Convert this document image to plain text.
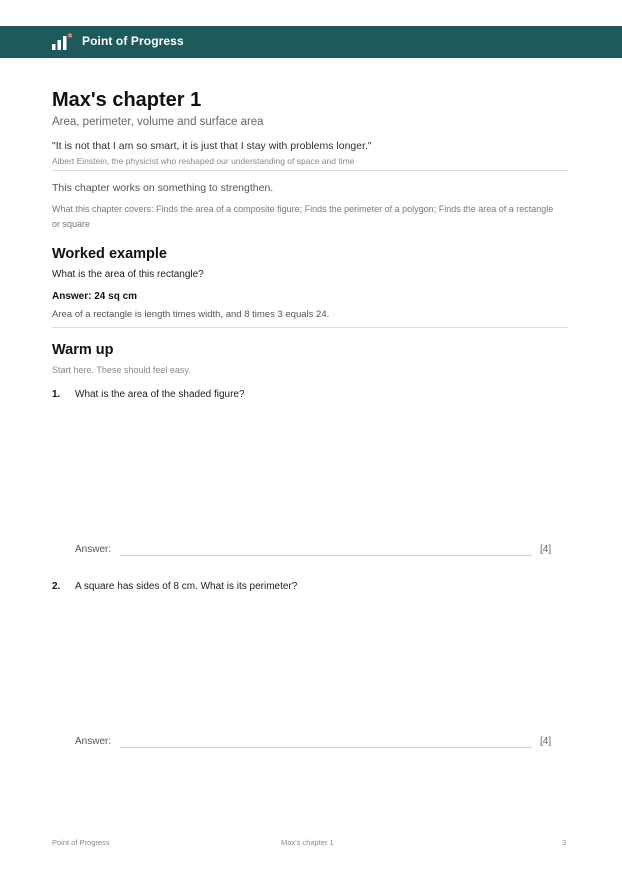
Point of Progress
Max's chapter 1
Area, perimeter, volume and surface area
"It is not that I am so smart, it is just that I stay with problems longer."
Albert Einstein, the physicist who reshaped our understanding of space and time
This chapter works on something to strengthen.
What this chapter covers: Finds the area of a composite figure; Finds the perimeter of a polygon; Finds the area of a rectangle or square
Worked example
What is the area of this rectangle?
Answer: 24 sq cm
Area of a rectangle is length times width, and 8 times 3 equals 24.
Warm up
Start here. These should feel easy.
1. What is the area of the shaded figure?
Answer:	[4]
2. A square has sides of 8 cm. What is its perimeter?
Answer:	[4]
Point of Progress	Max's chapter 1	3
